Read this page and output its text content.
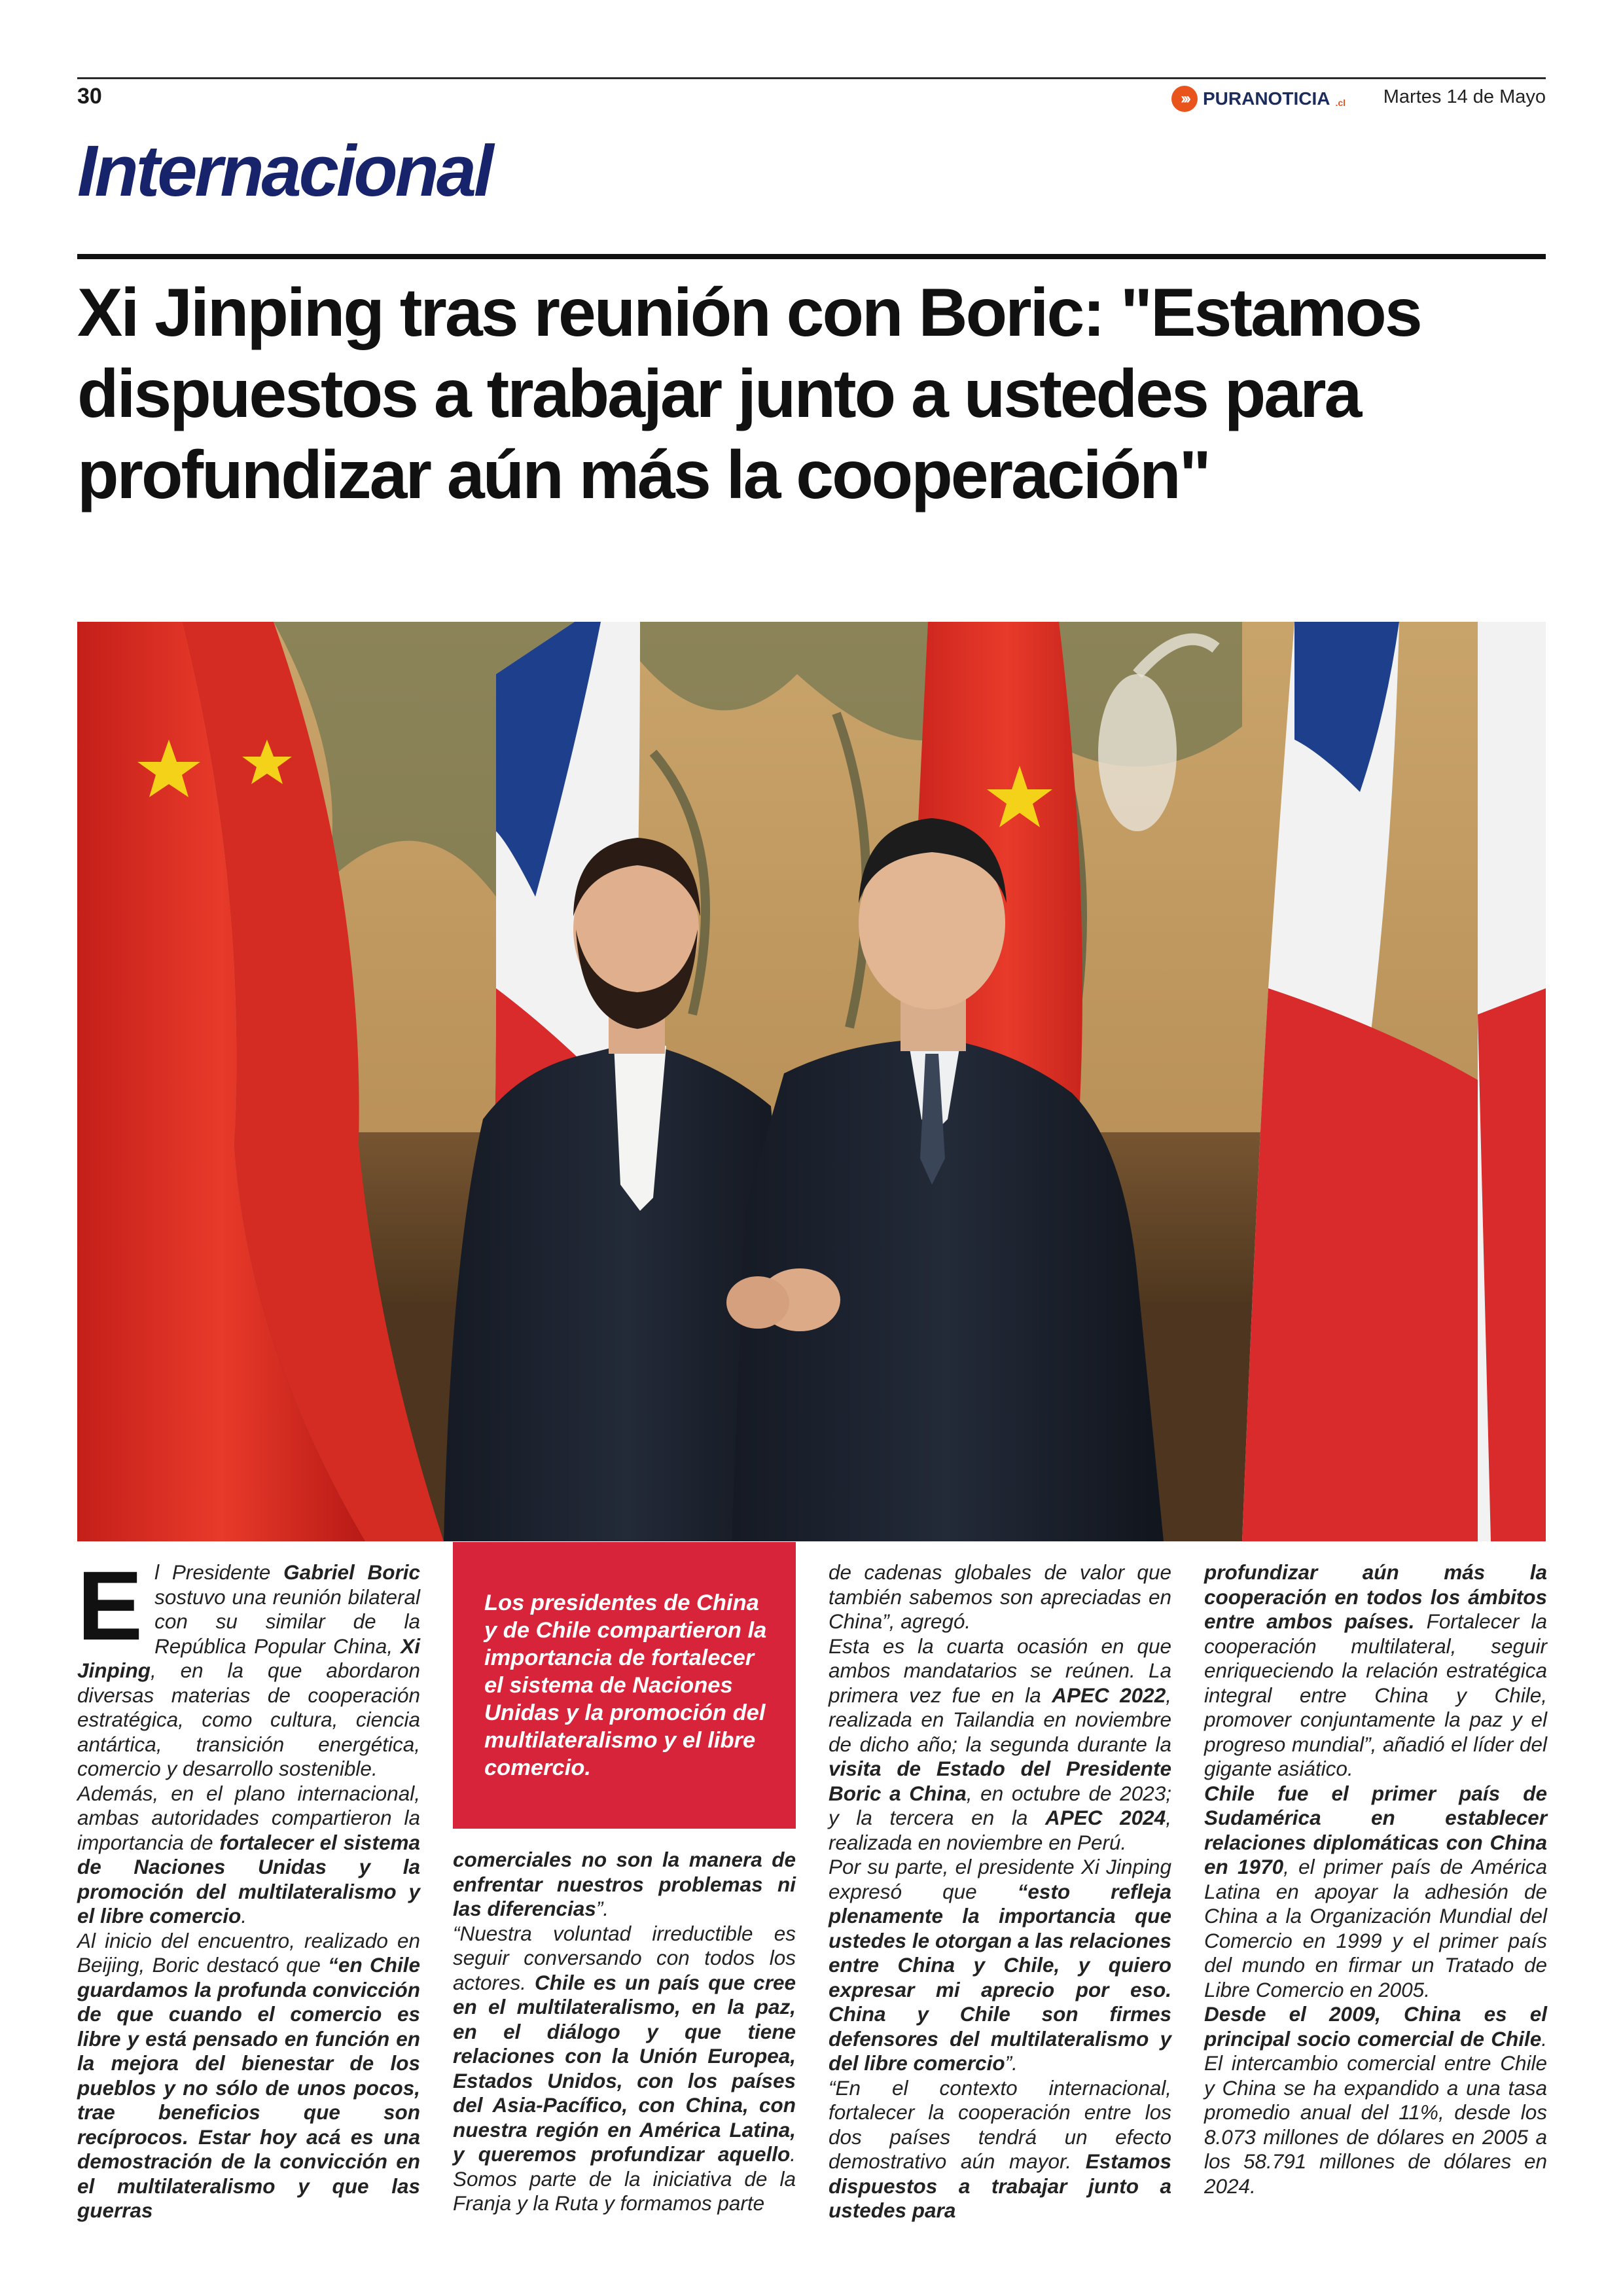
30	››› PURANOTICIA .cl Martes 14 de Mayo
Internacional
Xi Jinping tras reunión con Boric: "Estamos dispuestos a trabajar junto a ustedes para profundizar aún más la cooperación"
E l Presidente Gabriel Boric sostuvo una reunión bilateral con su similar de la República Popular China, Xi Jinping, en la que abordaron diversas materias de cooperación estratégica, como cultura, ciencia antártica, transición energética, comercio y desarrollo sostenible.

Además, en el plano internacional, ambas autoridades compartieron la importancia de fortalecer el sistema de Naciones Unidas y la promoción del multilateralismo y el libre comercio.

Al inicio del encuentro, realizado en Beijing, Boric destacó que “en Chile guardamos la profunda convicción de que cuando el comercio es libre y está pensado en función en la mejora del bienestar de los pueblos y no sólo de unos pocos, trae beneficios que son recíprocos. Estar hoy acá es una demostración de la convicción en el multilateralismo y que las guerras

Los presidentes de China y de Chile compartieron la importancia de fortalecer el sistema de Naciones Unidas y la promoción del multilateralismo y el libre comercio.

comerciales no son la manera de enfrentar nuestros problemas ni las diferencias”.

“Nuestra voluntad irreductible es seguir conversando con todos los actores. Chile es un país que cree en el multilateralismo, en la paz, en el diálogo y que tiene relaciones con la Unión Europea, Estados Unidos, con los países del Asia-Pacífico, con China, con nuestra región en América Latina, y queremos profundizar aquello. Somos parte de la iniciativa de la Franja y la Ruta y formamos parte

de cadenas globales de valor que también sabemos son apreciadas en China”, agregó.

Esta es la cuarta ocasión en que ambos mandatarios se reúnen. La primera vez fue en la APEC 2022, realizada en Tailandia en noviembre de dicho año; la segunda durante la visita de Estado del Presidente Boric a China, en octubre de 2023; y la tercera en la APEC 2024, realizada en noviembre en Perú.

Por su parte, el presidente Xi Jinping expresó que “esto refleja plenamente la importancia que ustedes le otorgan a las relaciones entre China y Chile, y quiero expresar mi aprecio por eso. China y Chile son firmes defensores del multilateralismo y del libre comercio”.

“En el contexto internacional, fortalecer la cooperación entre los dos países tendrá un efecto demostrativo aún mayor. Estamos dispuestos a trabajar junto a ustedes para

profundizar aún más la cooperación en todos los ámbitos entre ambos países. Fortalecer la cooperación multilateral, seguir enriqueciendo la relación estratégica integral entre China y Chile, promover conjuntamente la paz y el progreso mundial”, añadió el líder del gigante asiático.

Chile fue el primer país de Sudamérica en establecer relaciones diplomáticas con China en 1970, el primer país de América Latina en apoyar la adhesión de China a la Organización Mundial del Comercio en 1999 y el primer país del mundo en firmar un Tratado de Libre Comercio en 2005.

Desde el 2009, China es el principal socio comercial de Chile. El intercambio comercial entre Chile y China se ha expandido a una tasa promedio anual del 11%, desde los 8.073 millones de dólares en 2005 a los 58.791 millones de dólares en 2024.
